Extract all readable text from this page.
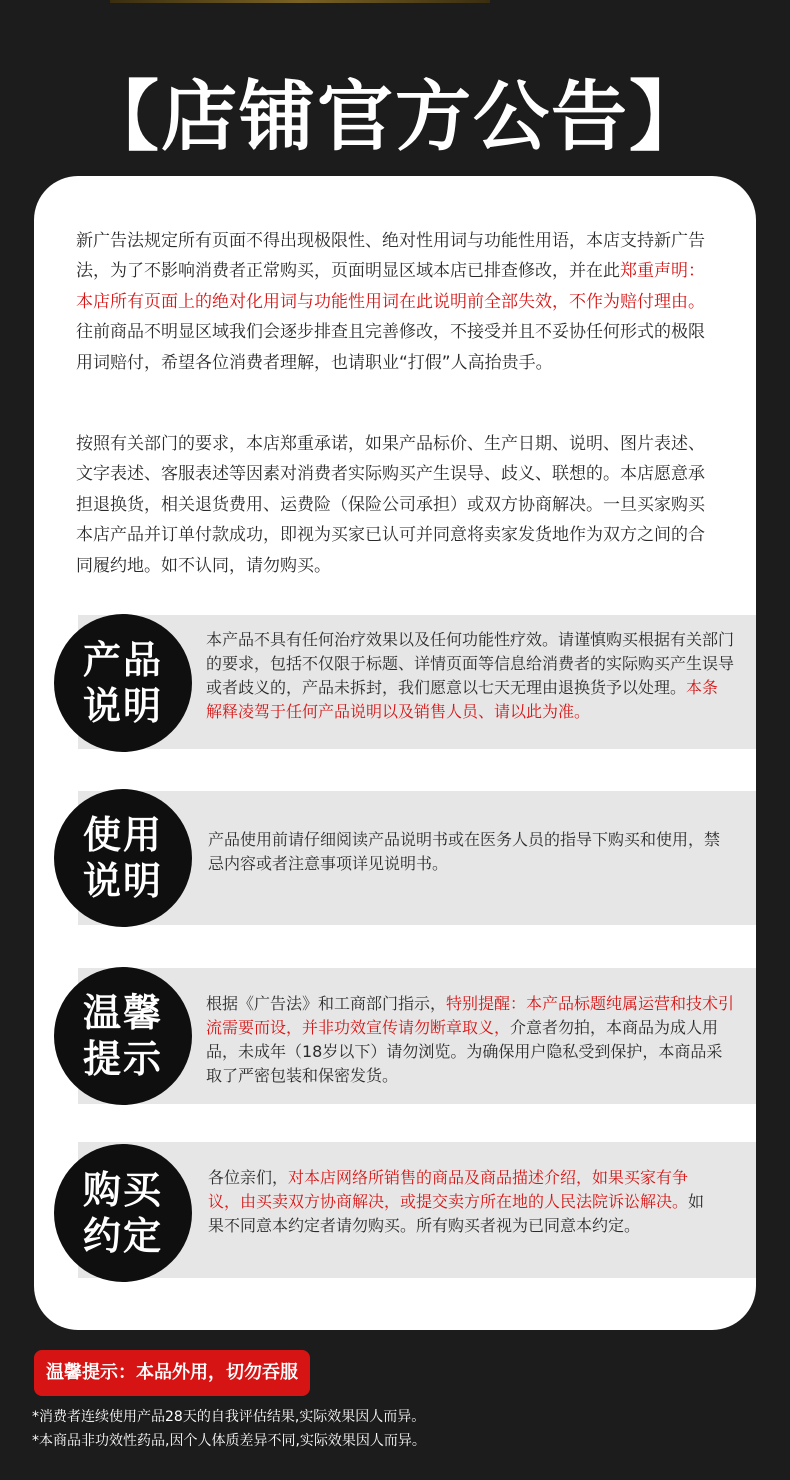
【店铺官方公告】
新广告法规定所有页面不得出现极限性、绝对性用词与功能性用语，本店支持新广告法，为了不影响消费者正常购买，页面明显区域本店已排查修改，并在此郑重声明：本店所有页面上的绝对化用词与功能性用词在此说明前全部失效，不作为赔付理由。往前商品不明显区域我们会逐步排查且完善修改，不接受并且不妥协任何形式的极限用词赔付，希望各位消费者理解，也请职业“打假”人高抬贵手。
按照有关部门的要求，本店郑重承诺，如果产品标价、生产日期、说明、图片表述、文字表述、客服表述等因素对消费者实际购买产生误导、歧义、联想的。本店愿意承担退换货，相关退货费用、运费险（保险公司承担）或双方协商解决。一旦买家购买本店产品并订单付款成功，即视为买家已认可并同意将卖家发货地作为双方之间的合同履约地。如不认同，请勿购买。
产品
说明
本产品不具有任何治疗效果以及任何功能性疗效。请谨慎购买根据有关部门的要求，包括不仅限于标题、详情页面等信息给消费者的实际购买产生误导或者歧义的，产品未拆封，我们愿意以七天无理由退换货予以处理。本条解释凌驾于任何产品说明以及销售人员、请以此为准。
使用
说明
产品使用前请仔细阅读产品说明书或在医务人员的指导下购买和使用，禁忌内容或者注意事项详见说明书。
温馨
提示
根据《广告法》和工商部门指示，特别提醒：本产品标题纯属运营和技术引流需要而设，并非功效宣传请勿断章取义，介意者勿拍，本商品为成人用品，未成年（18岁以下）请勿浏览。为确保用户隐私受到保护，本商品采取了严密包装和保密发货。
购买
约定
各位亲们，对本店网络所销售的商品及商品描述介绍，如果买家有争议，由买卖双方协商解决，或提交卖方所在地的人民法院诉讼解决。如果不同意本约定者请勿购买。所有购买者视为已同意本约定。
温馨提示：本品外用，切勿吞服
*消费者连续使用产品28天的自我评估结果,实际效果因人而异。
*本商品非功效性药品,因个人体质差异不同,实际效果因人而异。
